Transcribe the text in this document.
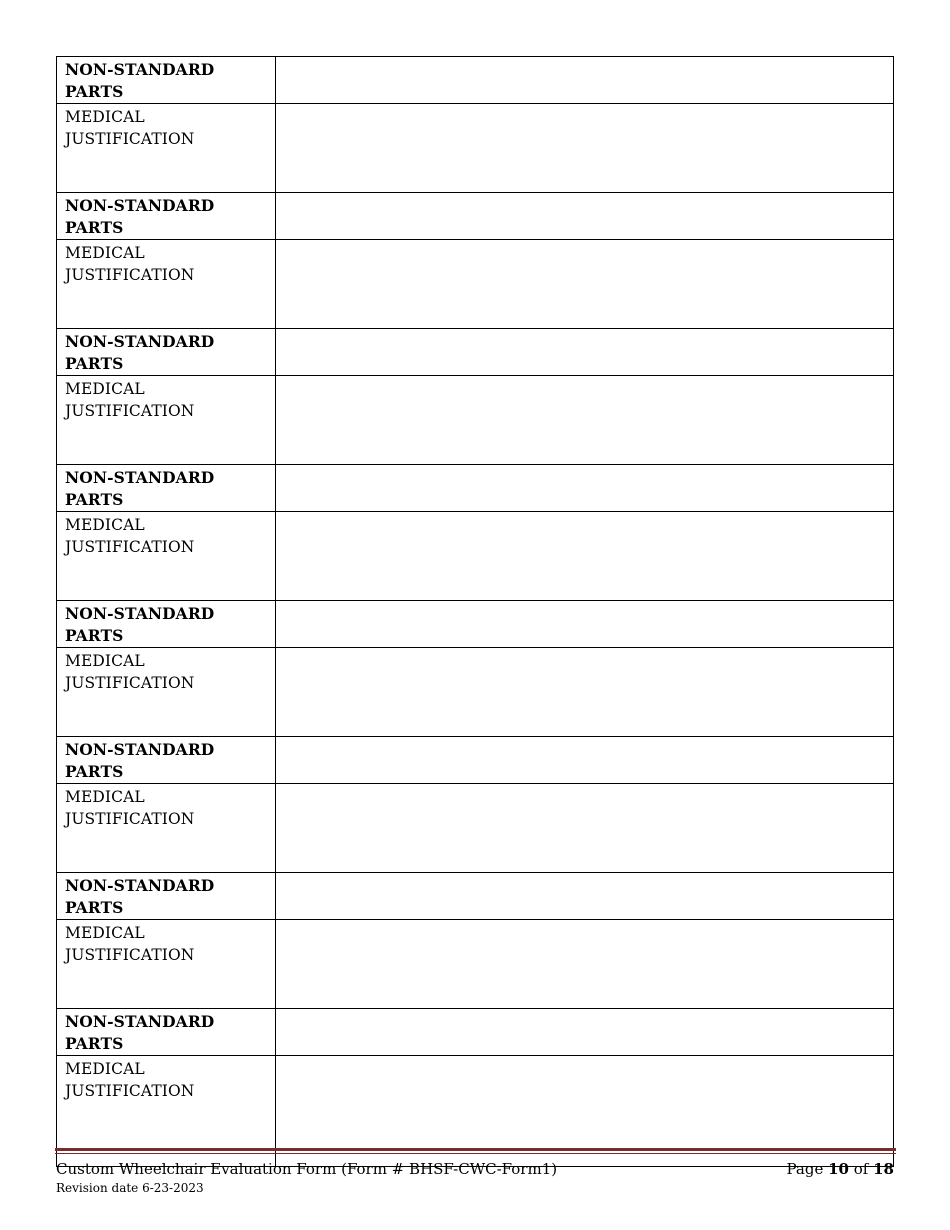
NON-STANDARD PARTS	

MEDICAL JUSTIFICATION	

NON-STANDARD PARTS	

MEDICAL JUSTIFICATION	

NON-STANDARD PARTS	

MEDICAL JUSTIFICATION	

NON-STANDARD PARTS	

MEDICAL JUSTIFICATION	

NON-STANDARD PARTS	

MEDICAL JUSTIFICATION	

NON-STANDARD PARTS	

MEDICAL JUSTIFICATION	

NON-STANDARD PARTS	

MEDICAL JUSTIFICATION	

NON-STANDARD PARTS	

MEDICAL JUSTIFICATION	

Custom Wheelchair Evaluation Form (Form # BHSF-CWC-Form1)
Revision date 6-23-2023
Page 10 of 18
